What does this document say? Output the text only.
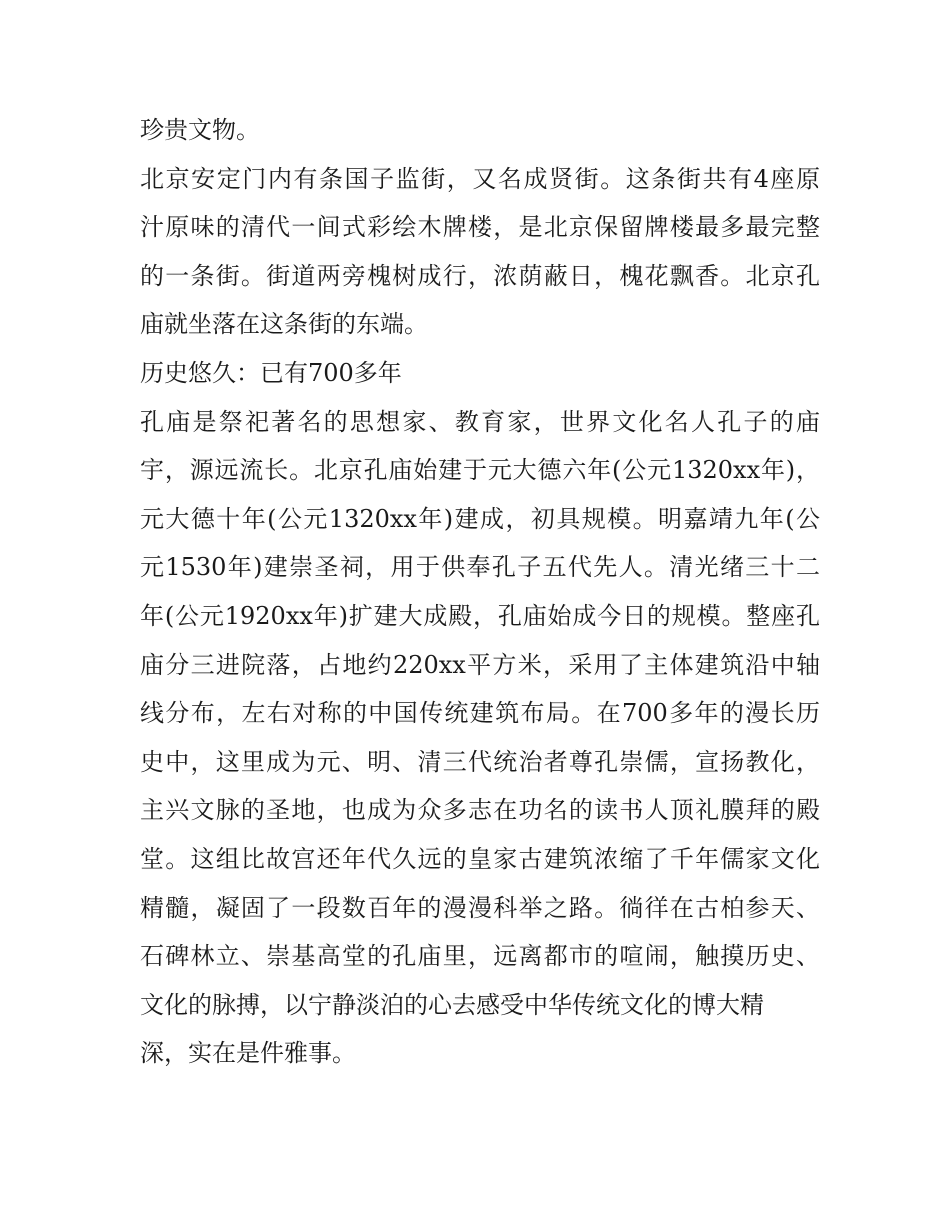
珍贵文物。
北京安定门内有条国子监街，又名成贤街。这条街共有4座原
汁原味的清代一间式彩绘木牌楼，是北京保留牌楼最多最完整
的一条街。街道两旁槐树成行，浓荫蔽日，槐花飘香。北京孔
庙就坐落在这条街的东端。
历史悠久：已有700多年
孔庙是祭祀著名的思想家、教育家，世界文化名人孔子的庙
宇，源远流长。北京孔庙始建于元大德六年(公元1320xx年)，
元大德十年(公元1320xx年)建成，初具规模。明嘉靖九年(公
元1530年)建崇圣祠，用于供奉孔子五代先人。清光绪三十二
年(公元1920xx年)扩建大成殿，孔庙始成今日的规模。整座孔
庙分三进院落，占地约220xx平方米，采用了主体建筑沿中轴
线分布，左右对称的中国传统建筑布局。在700多年的漫长历
史中，这里成为元、明、清三代统治者尊孔崇儒，宣扬教化，
主兴文脉的圣地，也成为众多志在功名的读书人顶礼膜拜的殿
堂。这组比故宫还年代久远的皇家古建筑浓缩了千年儒家文化
精髓，凝固了一段数百年的漫漫科举之路。徜徉在古柏参天、
石碑林立、崇基高堂的孔庙里，远离都市的喧闹，触摸历史、
文化的脉搏，以宁静淡泊的心去感受中华传统文化的博大精
深，实在是件雅事。
